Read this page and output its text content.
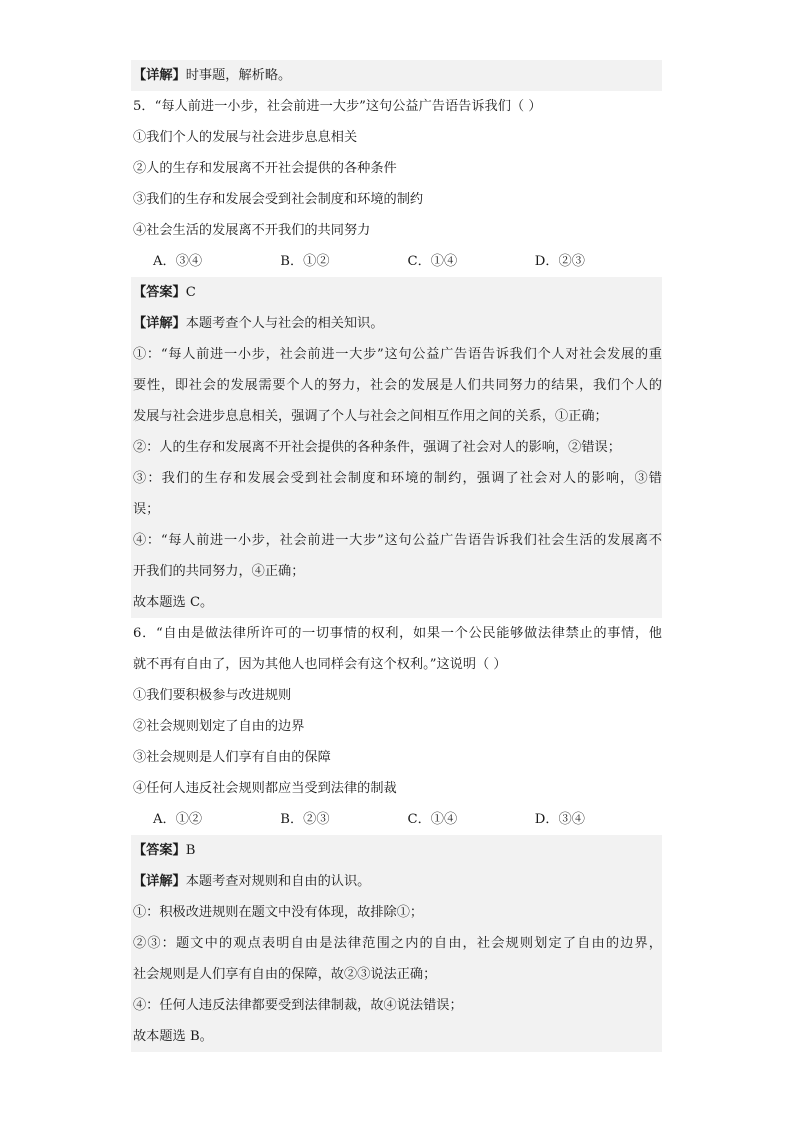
【详解】时事题，解析略。
5．“每人前进一小步，社会前进一大步”这句公益广告语告诉我们（ ）
①我们个人的发展与社会进步息息相关
②人的生存和发展离不开社会提供的各种条件
③我们的生存和发展会受到社会制度和环境的制约
④社会生活的发展离不开我们的共同努力
A．③④	B．①②	C．①④	D．②③
【答案】C
【详解】本题考查个人与社会的相关知识。
①：“每人前进一小步，社会前进一大步”这句公益广告语告诉我们个人对社会发展的重
要性，即社会的发展需要个人的努力，社会的发展是人们共同努力的结果，我们个人的
发展与社会进步息息相关，强调了个人与社会之间相互作用之间的关系，①正确；
②：人的生存和发展离不开社会提供的各种条件，强调了社会对人的影响，②错误；
③：我们的生存和发展会受到社会制度和环境的制约，强调了社会对人的影响，③错
误；
④：“每人前进一小步，社会前进一大步”这句公益广告语告诉我们社会生活的发展离不
开我们的共同努力，④正确；
故本题选 C。
6．“自由是做法律所许可的一切事情的权利，如果一个公民能够做法律禁止的事情，他
就不再有自由了，因为其他人也同样会有这个权利。”这说明（ ）
①我们要积极参与改进规则
②社会规则划定了自由的边界
③社会规则是人们享有自由的保障
④任何人违反社会规则都应当受到法律的制裁
A．①②	B．②③	C．①④	D．③④
【答案】B
【详解】本题考查对规则和自由的认识。
①：积极改进规则在题文中没有体现，故排除①；
②③：题文中的观点表明自由是法律范围之内的自由，社会规则划定了自由的边界，
社会规则是人们享有自由的保障，故②③说法正确；
④：任何人违反法律都要受到法律制裁，故④说法错误；
故本题选 B。
